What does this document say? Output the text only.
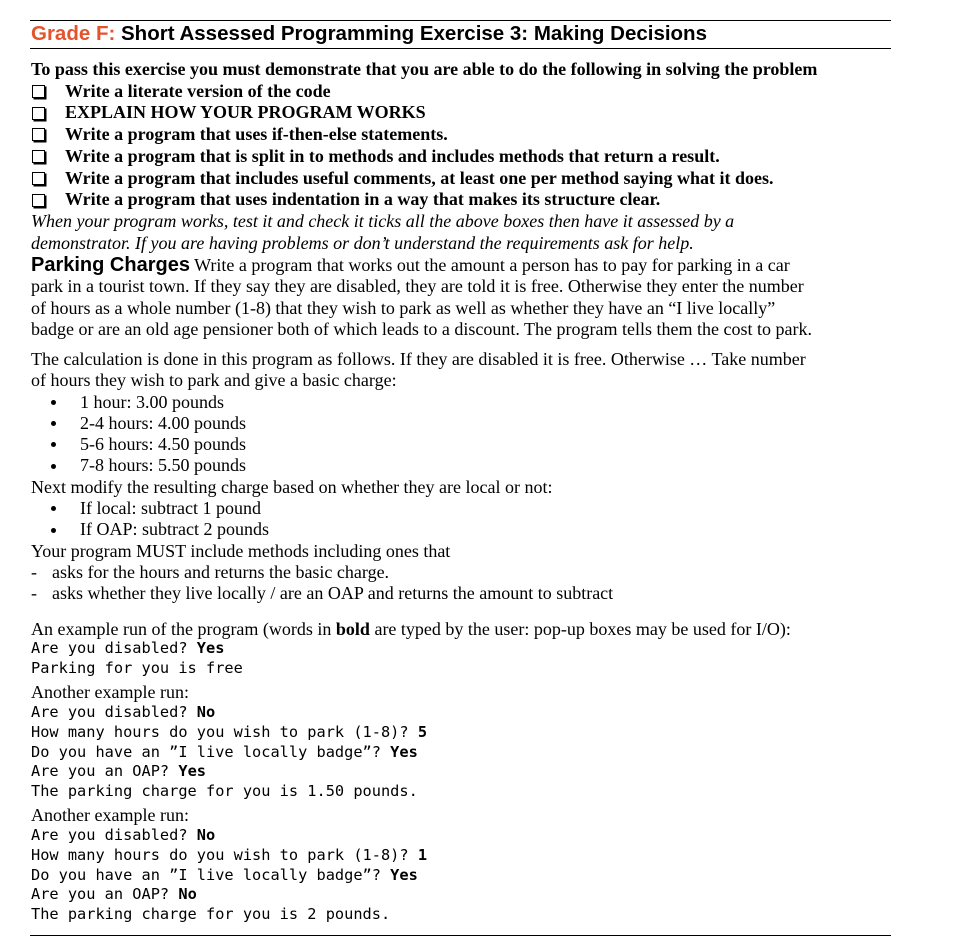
Grade F: Short Assessed Programming Exercise 3: Making Decisions
To pass this exercise you must demonstrate that you are able to do the following in solving the problem
Write a literate version of the code
EXPLAIN HOW YOUR PROGRAM WORKS
Write a program that uses if-then-else statements.
Write a program that is split in to methods and includes methods that return a result.
Write a program that includes useful comments, at least one per method saying what it does.
Write a program that uses indentation in a way that makes its structure clear.
When your program works, test it and check it ticks all the above boxes then have it assessed by a
demonstrator. If you are having problems or don’t understand the requirements ask for help.
Parking Charges Write a program that works out the amount a person has to pay for parking in a car
park in a tourist town. If they say they are disabled, they are told it is free. Otherwise they enter the number
of hours as a whole number (1-8) that they wish to park as well as whether they have an “I live locally”
badge or are an old age pensioner both of which leads to a discount. The program tells them the cost to park.
The calculation is done in this program as follows. If they are disabled it is free. Otherwise … Take number
of hours they wish to park and give a basic charge:
1 hour: 3.00 pounds
2-4 hours: 4.00 pounds
5-6 hours: 4.50 pounds
7-8 hours: 5.50 pounds
Next modify the resulting charge based on whether they are local or not:
If local: subtract 1 pound
If OAP: subtract 2 pounds
Your program MUST include methods including ones that
- asks for the hours and returns the basic charge.
- asks whether they live locally / are an OAP and returns the amount to subtract
An example run of the program (words in bold are typed by the user: pop-up boxes may be used for I/O):
Are you disabled? Yes
Parking for you is free
Another example run:
Are you disabled? No
How many hours do you wish to park (1-8)? 5
Do you have an ”I live locally badge”? Yes
Are you an OAP? Yes
The parking charge for you is 1.50 pounds.
Another example run:
Are you disabled? No
How many hours do you wish to park (1-8)? 1
Do you have an ”I live locally badge”? Yes
Are you an OAP? No
The parking charge for you is 2 pounds.
